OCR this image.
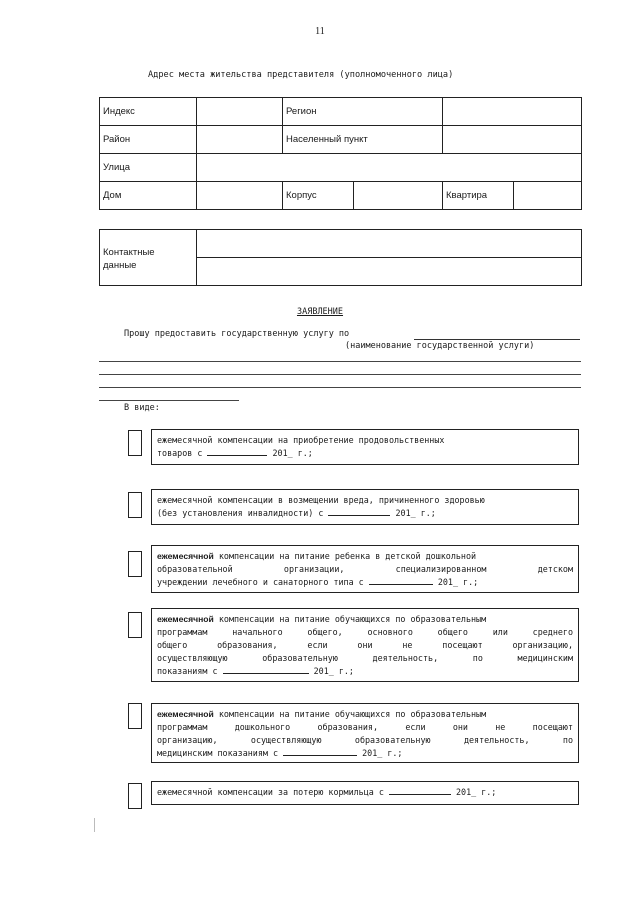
11
Адрес места жительства представителя (уполномоченного лица)
Индекс		Регион			
Район		Населенный пункт			
Улица					
Дом		Корпус		Квартира	
Контактные
данные	

ЗАЯВЛЕНИЕ
Прошу предоставить государственную услугу по
(наименование государственной услуги)
В виде:
ежемесячной компенсации на приобретение продовольственных
товаров с	201_ г.;
ежемесячной компенсации в возмещении вреда, причиненного здоровью
(без установления инвалидности) с	201_ г.;
ежемесячной компенсации на питание ребенка в детской дошкольной
образовательной организации, специализированном детском
учреждении лечебного и санаторного типа с	201_ г.;
ежемесячной компенсации на питание обучающихся по образовательным
программам начального общего, основного общего или среднего
общего образования, если они не посещают организацию,
осуществляющую образовательную деятельность, по медицинским
показаниям с	201_ г.;
ежемесячной компенсации на питание обучающихся по образовательным
программам дошкольного образования, если они не посещают
организацию, осуществляющую образовательную деятельность, по
медицинским показаниям с	201_ г.;
ежемесячной компенсации за потерю кормильца с	201_ г.;
